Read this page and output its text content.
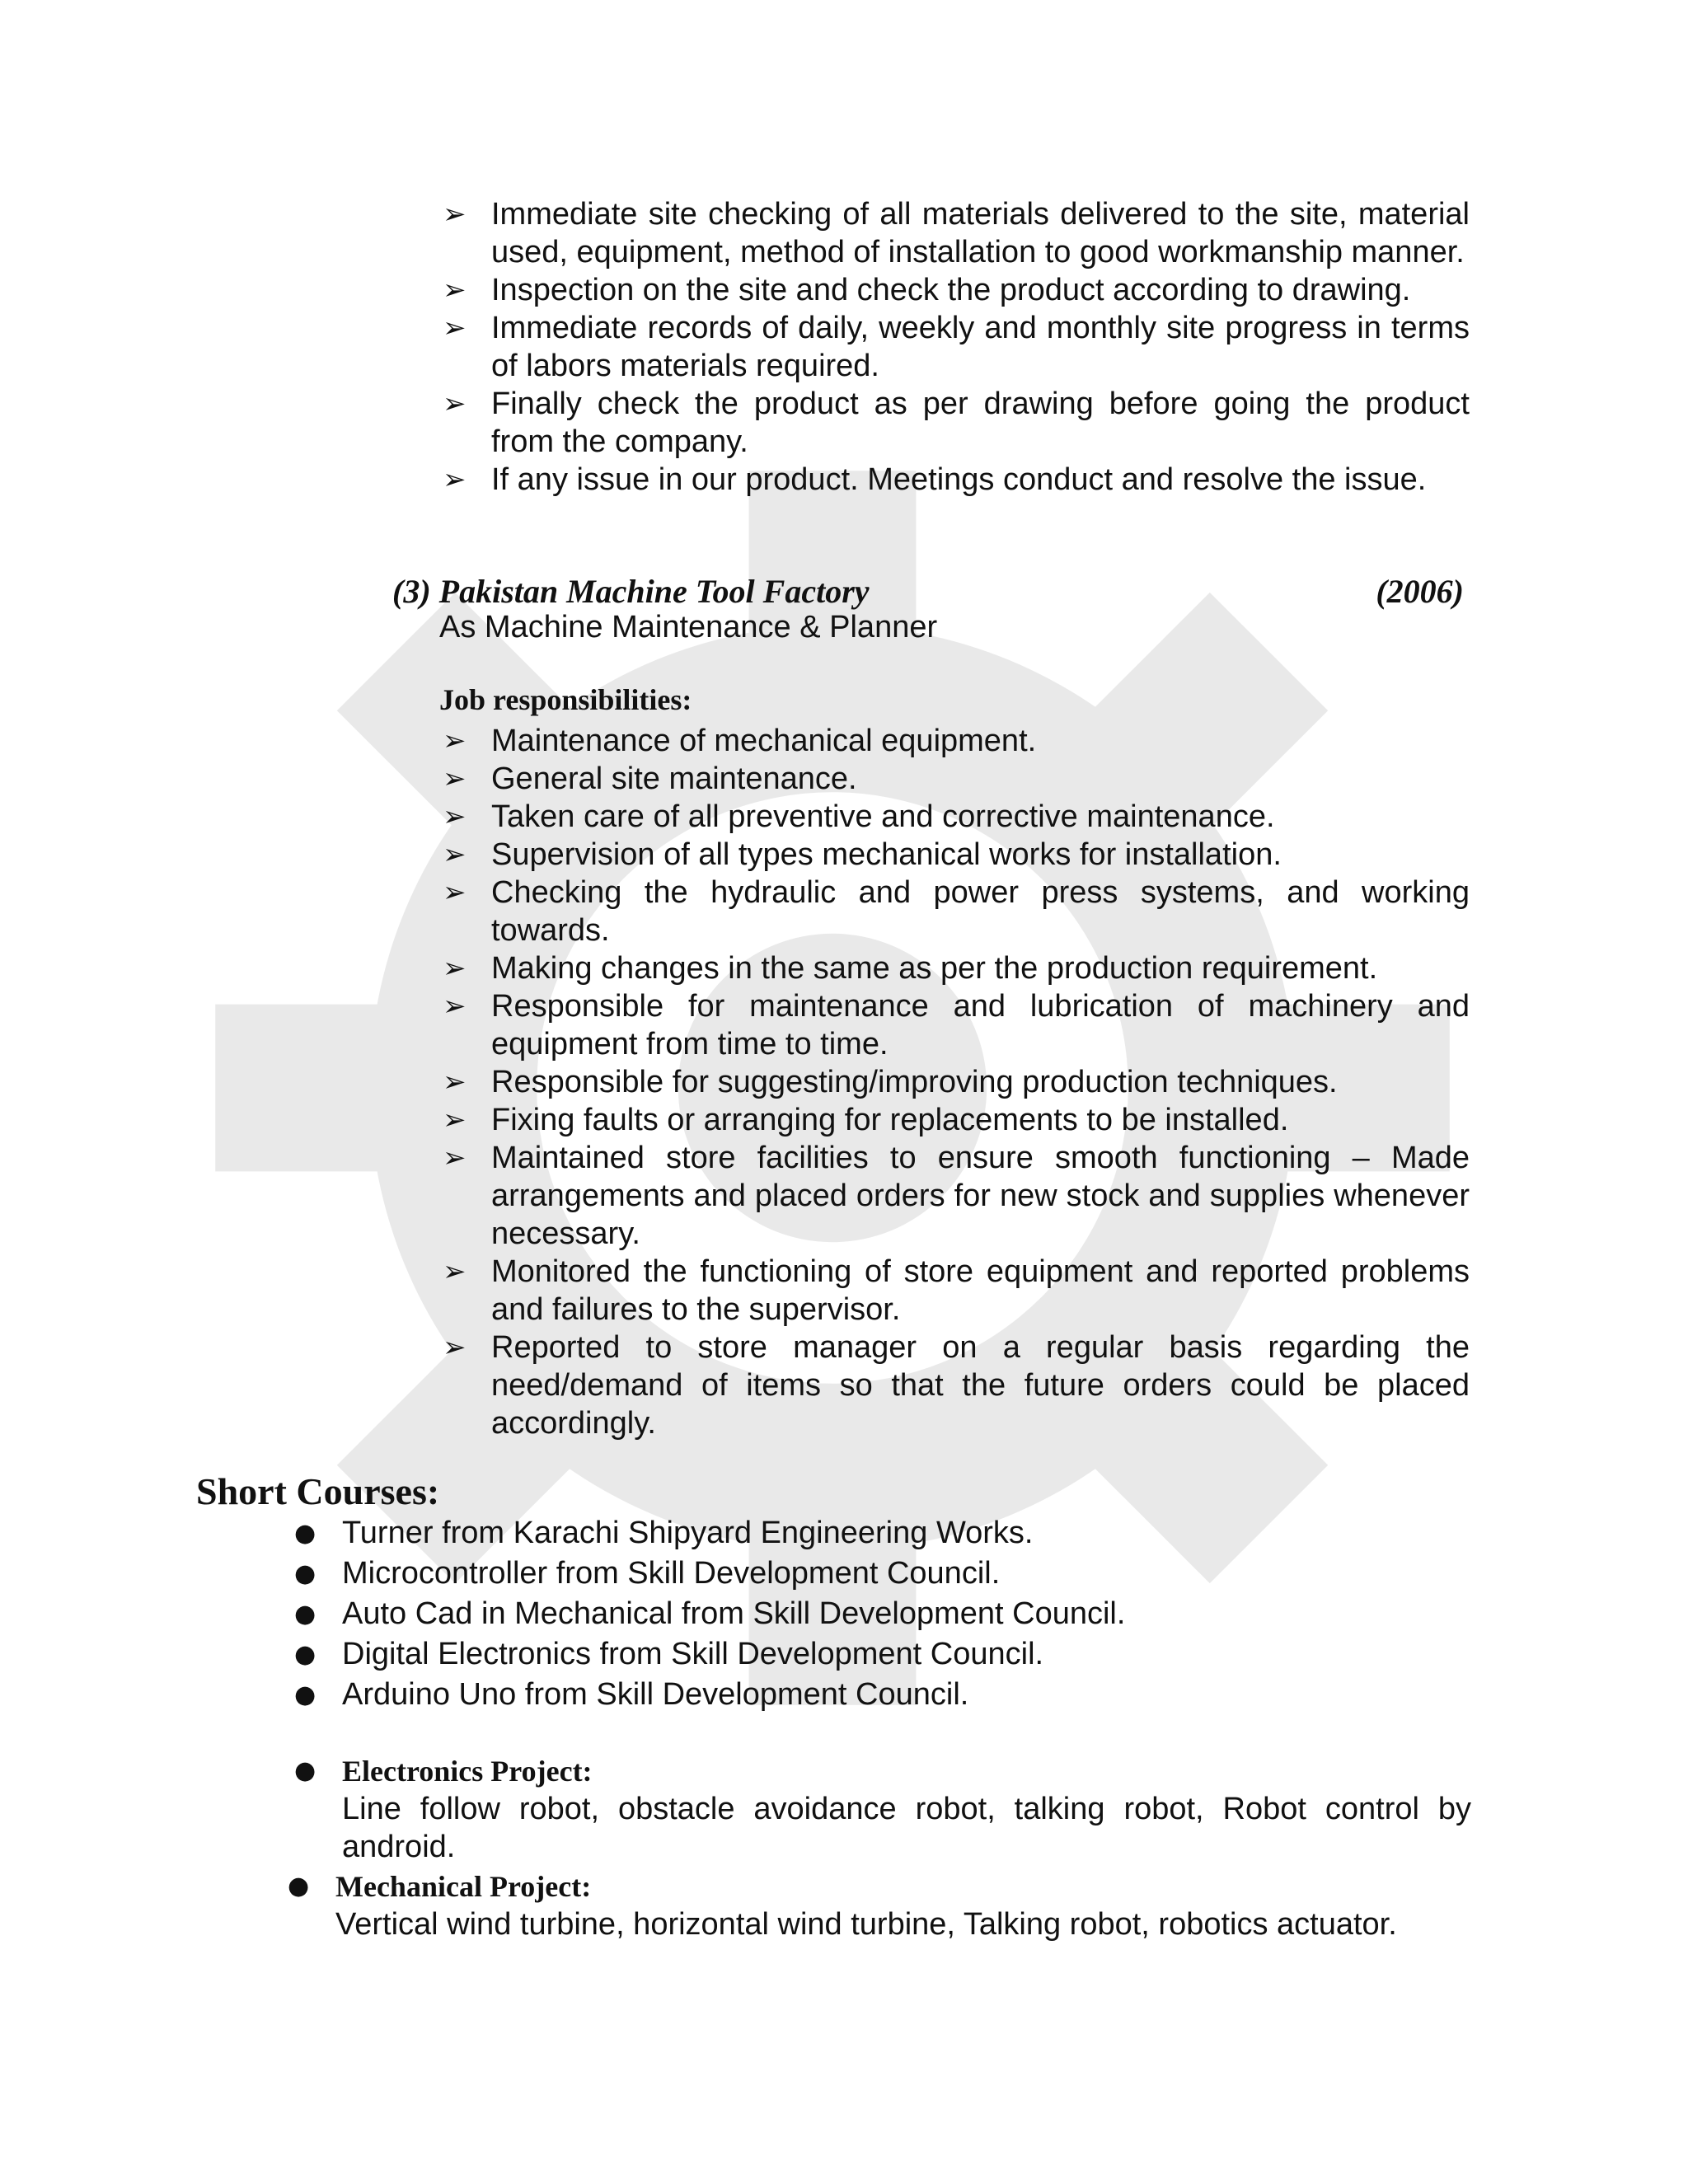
➢ Immediate site checking of all materials delivered to the site, material used, equipment, method of installation to good workmanship manner.
➢ Inspection on the site and check the product according to drawing.
➢ Immediate records of daily, weekly and monthly site progress in terms of labors materials required.
➢ Finally check the product as per drawing before going the product from the company.
➢ If any issue in our product. Meetings conduct and resolve the issue.
(3) Pakistan Machine Tool Factory	(2006)
As Machine Maintenance & Planner
Job responsibilities:
➢ Maintenance of mechanical equipment.
➢ General site maintenance.
➢ Taken care of all preventive and corrective maintenance.
➢ Supervision of all types mechanical works for installation.
➢ Checking the hydraulic and power press systems, and working towards.
➢ Making changes in the same as per the production requirement.
➢ Responsible for maintenance and lubrication of machinery and equipment from time to time.
➢ Responsible for suggesting/improving production techniques.
➢ Fixing faults or arranging for replacements to be installed.
➢ Maintained store facilities to ensure smooth functioning – Made arrangements and placed orders for new stock and supplies whenever necessary.
➢ Monitored the functioning of store equipment and reported problems and failures to the supervisor.
➢ Reported to store manager on a regular basis regarding the need/demand of items so that the future orders could be placed accordingly.
Short Courses:
● Turner from Karachi Shipyard Engineering Works.
● Microcontroller from Skill Development Council.
● Auto Cad in Mechanical from Skill Development Council.
● Digital Electronics from Skill Development Council.
● Arduino Uno from Skill Development Council.
● Electronics Project:
Line follow robot, obstacle avoidance robot, talking robot, Robot control by android.
● Mechanical Project:
Vertical wind turbine, horizontal wind turbine, Talking robot, robotics actuator.
